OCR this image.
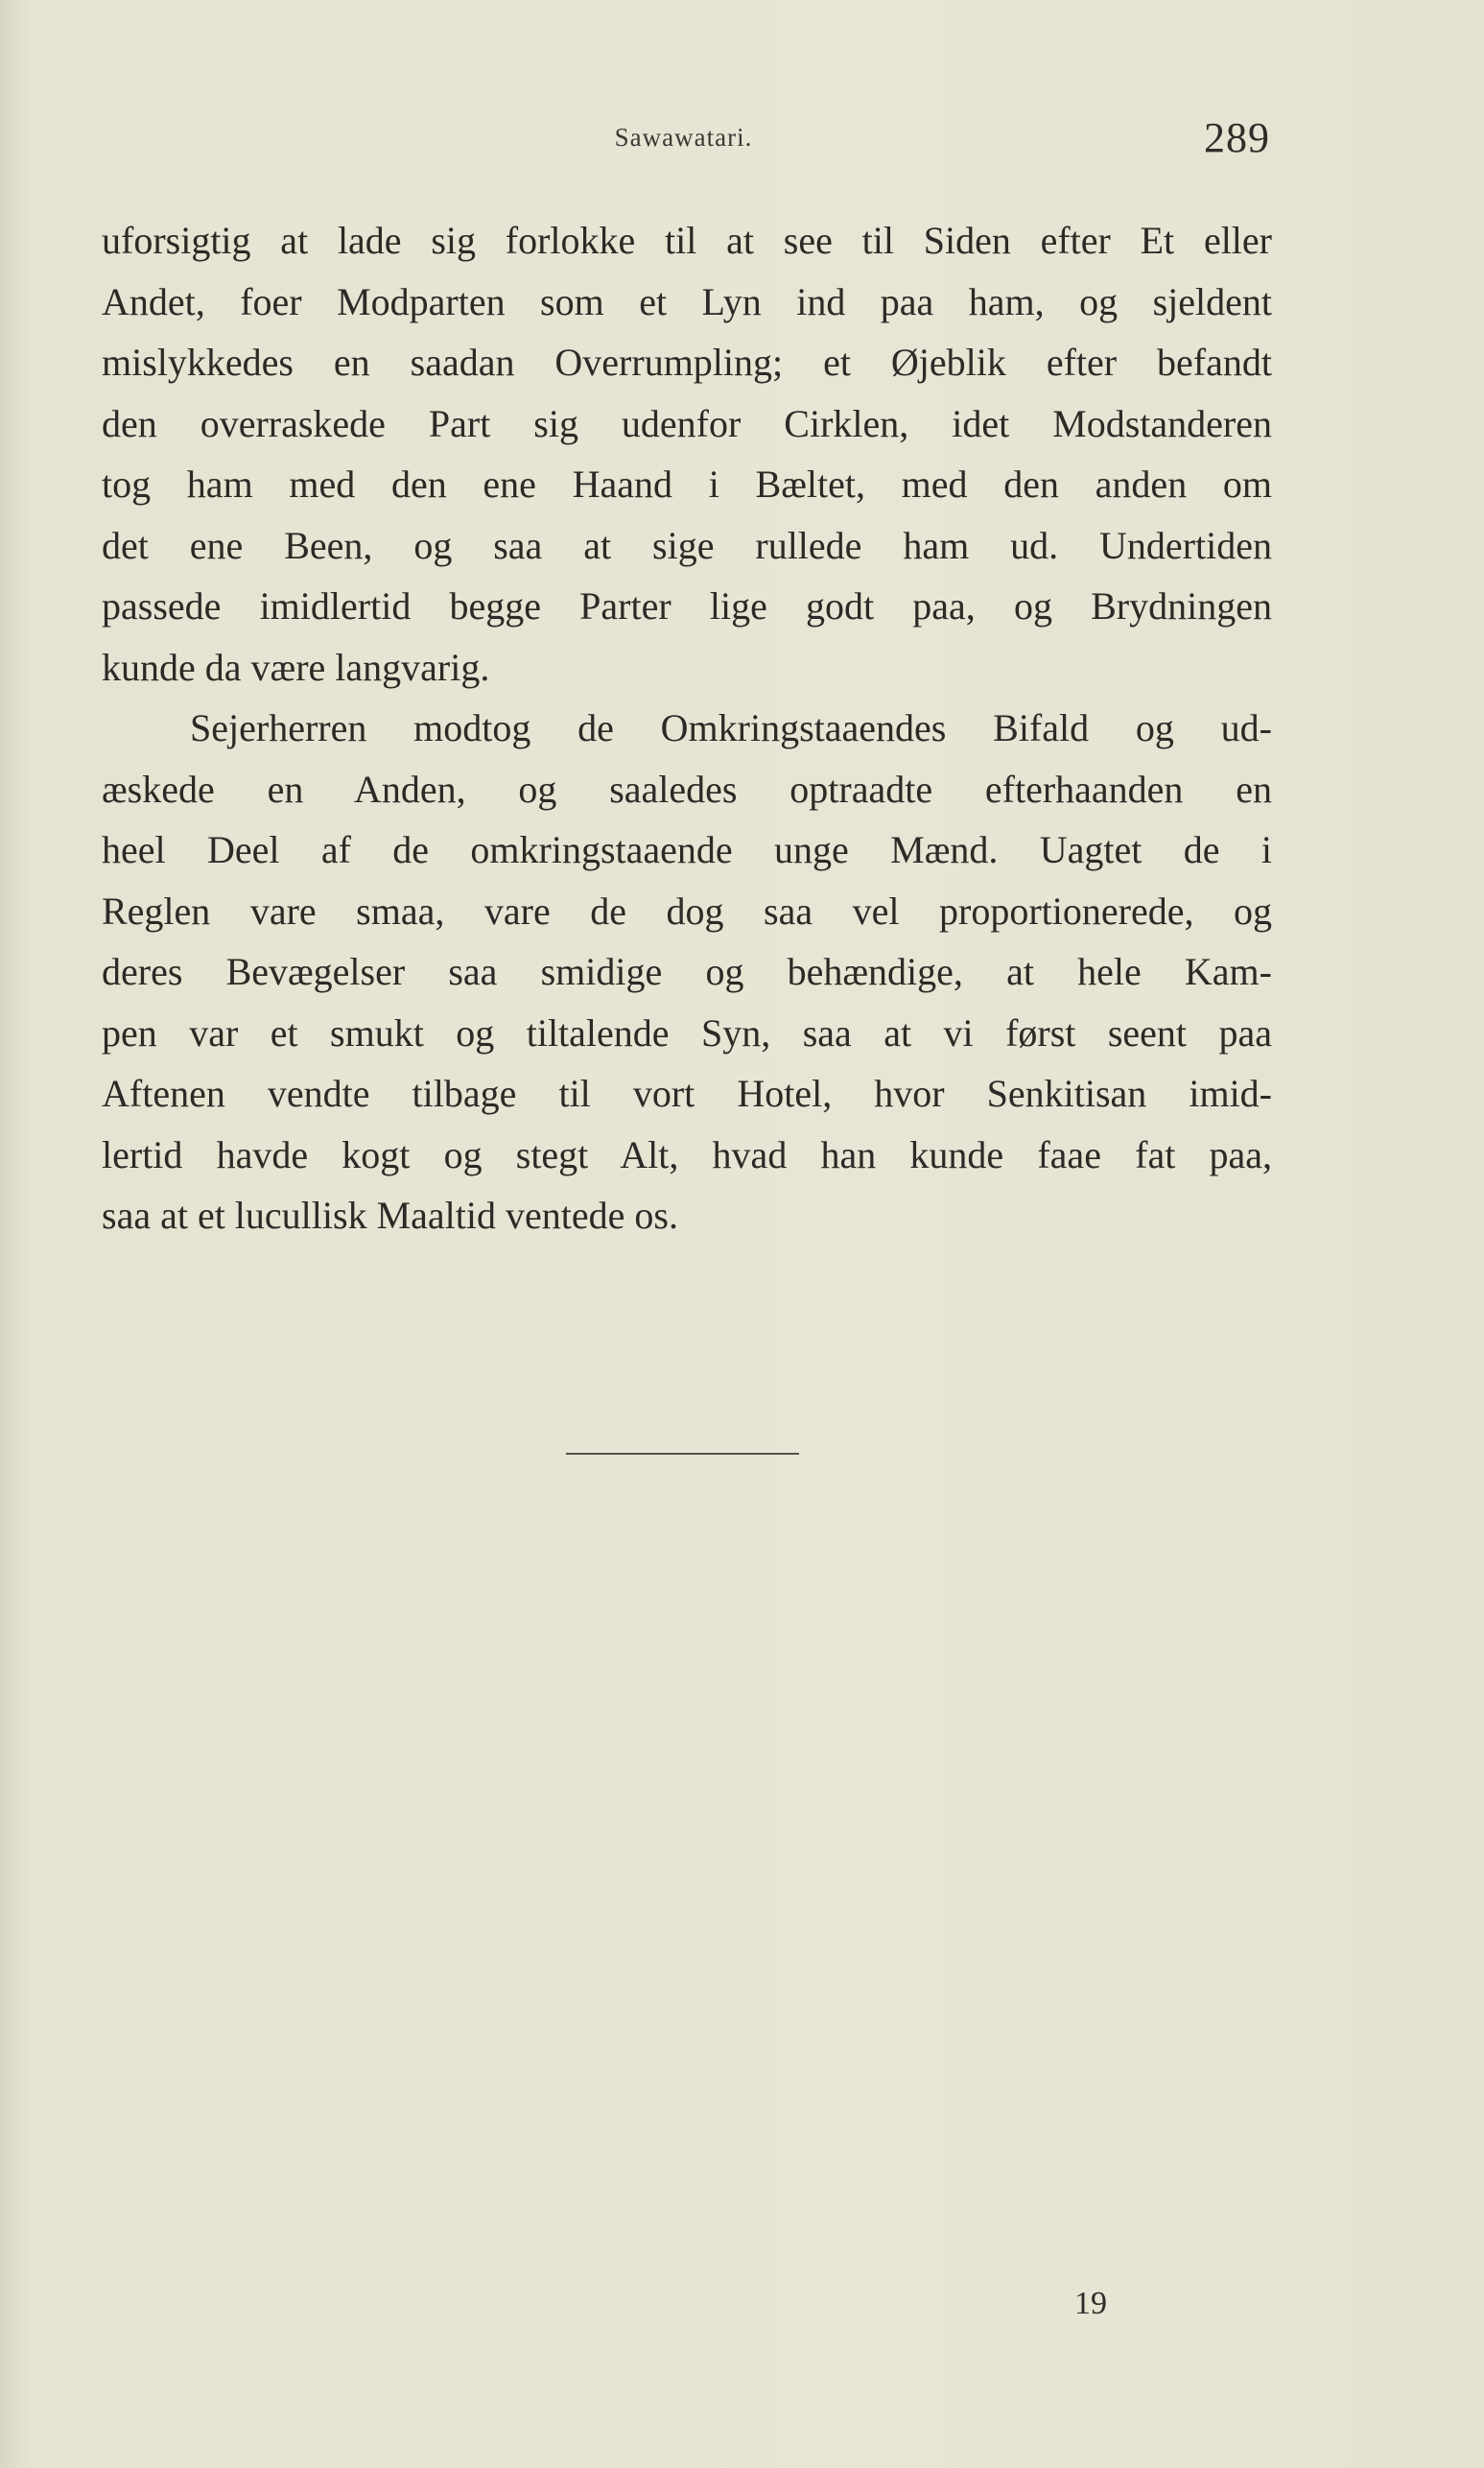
Sawawatari.	289
uforsigtig at lade sig forlokke til at see til Siden efter Et eller
Andet, foer Modparten som et Lyn ind paa ham, og sjeldent
mislykkedes en saadan Overrumpling; et Øjeblik efter befandt
den overraskede Part sig udenfor Cirklen, idet Modstanderen
tog ham med den ene Haand i Bæltet, med den anden om
det ene Been, og saa at sige rullede ham ud. Undertiden
passede imidlertid begge Parter lige godt paa, og Brydningen
kunde da være langvarig.
Sejerherren modtog de Omkringstaaendes Bifald og ud-
æskede en Anden, og saaledes optraadte efterhaanden en
heel Deel af de omkringstaaende unge Mænd. Uagtet de i
Reglen vare smaa, vare de dog saa vel proportionerede, og
deres Bevægelser saa smidige og behændige, at hele Kam-
pen var et smukt og tiltalende Syn, saa at vi først seent paa
Aftenen vendte tilbage til vort Hotel, hvor Senkitisan imid-
lertid havde kogt og stegt Alt, hvad han kunde faae fat paa,
saa at et lucullisk Maaltid ventede os.
19
